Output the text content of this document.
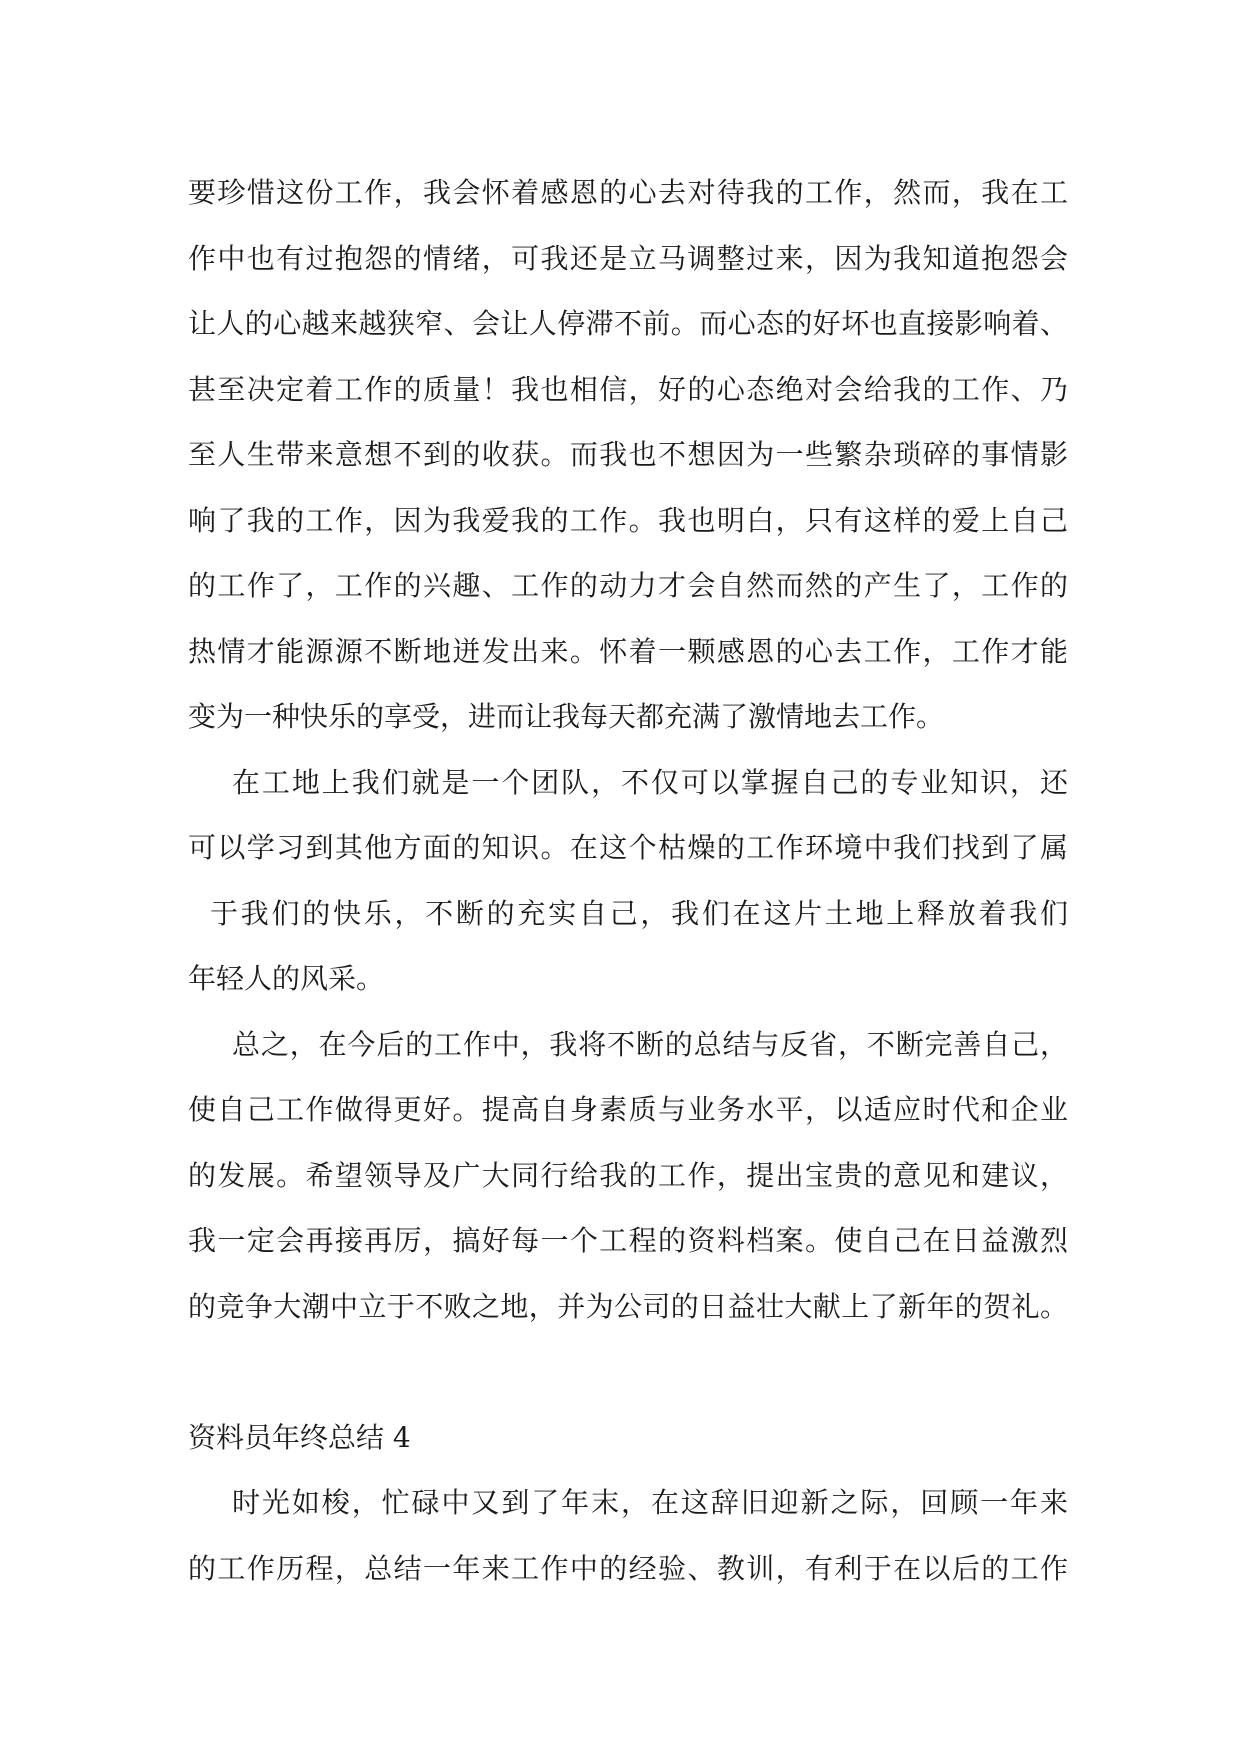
要珍惜这份工作，我会怀着感恩的心去对待我的工作，然而，我在工
作中也有过抱怨的情绪，可我还是立马调整过来，因为我知道抱怨会
让人的心越来越狭窄、会让人停滞不前。而心态的好坏也直接影响着、
甚至决定着工作的质量！我也相信，好的心态绝对会给我的工作、乃
至人生带来意想不到的收获。而我也不想因为一些繁杂琐碎的事情影
响了我的工作，因为我爱我的工作。我也明白，只有这样的爱上自己
的工作了，工作的兴趣、工作的动力才会自然而然的产生了，工作的
热情才能源源不断地迸发出来。怀着一颗感恩的心去工作，工作才能
变为一种快乐的享受，进而让我每天都充满了激情地去工作。
在工地上我们就是一个团队，不仅可以掌握自己的专业知识，还
可以学习到其他方面的知识。在这个枯燥的工作环境中我们找到了属
于我们的快乐，不断的充实自己，我们在这片土地上释放着我们
年轻人的风采。
总之，在今后的工作中，我将不断的总结与反省，不断完善自己，
使自己工作做得更好。提高自身素质与业务水平，以适应时代和企业
的发展。希望领导及广大同行给我的工作，提出宝贵的意见和建议，
我一定会再接再厉，搞好每一个工程的资料档案。使自己在日益激烈
的竞争大潮中立于不败之地，并为公司的日益壮大献上了新年的贺礼。
资料员年终总结 4
时光如梭，忙碌中又到了年末，在这辞旧迎新之际，回顾一年来
的工作历程，总结一年来工作中的经验、教训，有利于在以后的工作
